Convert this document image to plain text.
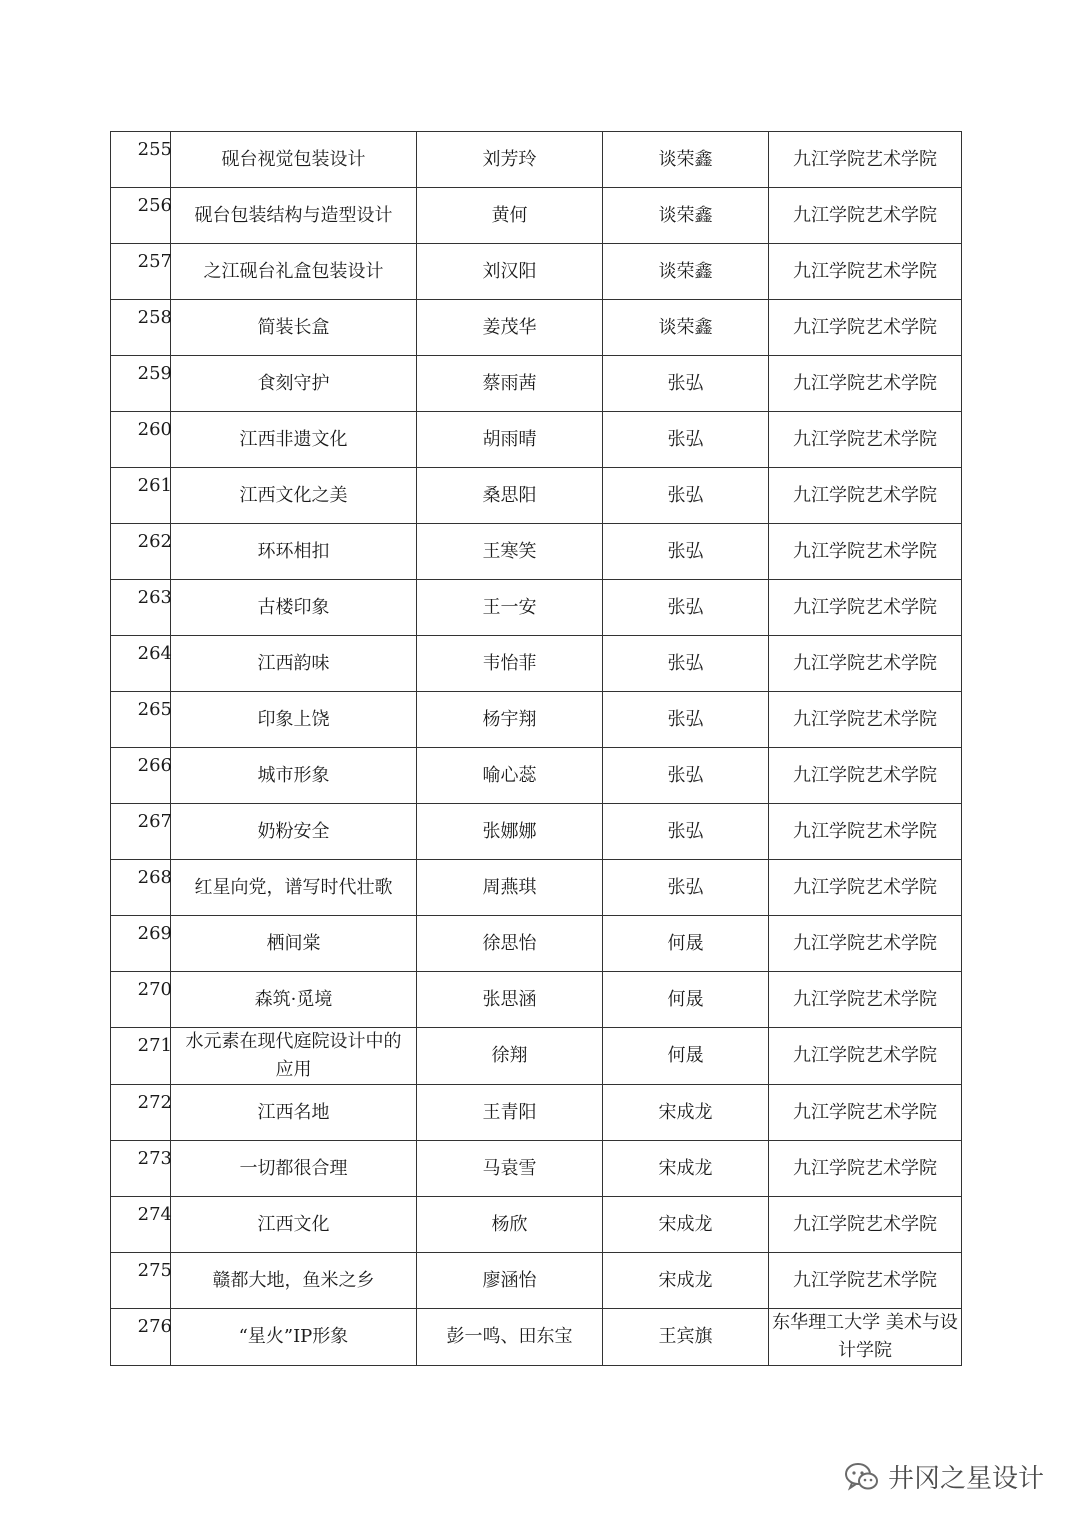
255	砚台视觉包装设计	刘芳玲	谈荣鑫	九江学院艺术学院

256	砚台包装结构与造型设计	黄何	谈荣鑫	九江学院艺术学院

257	之江砚台礼盒包装设计	刘汉阳	谈荣鑫	九江学院艺术学院

258	简装长盒	姜茂华	谈荣鑫	九江学院艺术学院

259	食刻守护	蔡雨茜	张弘	九江学院艺术学院

260	江西非遗文化	胡雨晴	张弘	九江学院艺术学院

261	江西文化之美	桑思阳	张弘	九江学院艺术学院

262	环环相扣	王寒笑	张弘	九江学院艺术学院

263	古楼印象	王一安	张弘	九江学院艺术学院

264	江西韵味	韦怡菲	张弘	九江学院艺术学院

265	印象上饶	杨宇翔	张弘	九江学院艺术学院

266	城市形象	喻心蕊	张弘	九江学院艺术学院

267	奶粉安全	张娜娜	张弘	九江学院艺术学院

268	红星向党，谱写时代壮歌	周燕琪	张弘	九江学院艺术学院

269	栖间棠	徐思怡	何晟	九江学院艺术学院

270	森筑·觅境	张思涵	何晟	九江学院艺术学院

271	水元素在现代庭院设计中的应用	徐翔	何晟	九江学院艺术学院

272	江西名地	王青阳	宋成龙	九江学院艺术学院

273	一切都很合理	马袁雪	宋成龙	九江学院艺术学院

274	江西文化	杨欣	宋成龙	九江学院艺术学院

275	赣都大地，鱼米之乡	廖涵怡	宋成龙	九江学院艺术学院

276	“星火”IP形象	彭一鸣、田东宝	王宾旗	东华理工大学 美术与设计学院
井冈之星设计
